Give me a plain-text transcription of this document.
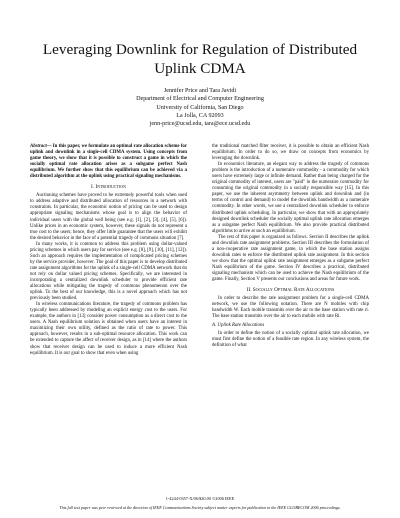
Leveraging Downlink for Regulation of Distributed Uplink CDMA
Jennifer Price and Tara Javidi
Department of Electrical and Computer Engineering
University of California, San Diego
La Jolla, CA 92093
jenn-price@ucsd.edu, tara@ece.ucsd.edu

Abstract— In this paper, we formulate an optimal rate allocation scheme for uplink and downlink in a single-cell CDMA system. Using concepts from game theory, we show that it is possible to construct a game in which the socially optimal rate allocation arises as a subgame perfect Nash equilibrium. We further show that this equilibrium can be achieved via a distributed algorithm at the uplink using practical signaling mechanisms.

I. Introduction

Auctioning schemes have proved to be extremely powerful tools when used to address adaptive and distributed allocation of resources in a network with constraints. In particular, the economic notion of pricing can be used to design appropriate signaling mechanisms whose goal is to align the behavior of individual users with the global well being (see e.g. [1], [2], [3], [4], [5], [6]). Unlike prices in an economic system, however, these signals do not represent a true cost to the users; hence, they offer little guarantee that the users will exhibit the desired behavior in the face of a potential tragedy of commons situation [7].

In many works, it is common to address this problem using dollar-valued pricing schemes in which users pay for service (see e.g. [8], [9], [10], [11], [12]). Such an approach requires the implementation of complicated pricing schemes by the service provider, however. The goal of this paper is to develop distributed rate assignment algorithms for the uplink of a single-cell CDMA network that do not rely on dollar valued pricing schemes. Specifically, we are interested in incorporating a centralized downlink scheduler to provide efficient rate allocations while mitigating the tragedy of commons phenomenon over the uplink. To the best of our knowledge, this is a novel approach which has not previously been studied.

In wireless communications literature, the tragedy of commons problem has typically been addressed by modeling an explicit energy cost to the users. For example, the authors in [13] consider power consumption as a direct cost to the users. A Nash equilibrium solution is obtained when users have an interest in maximizing their own utility, defined as the ratio of rate to power. This approach, however, results in a sub-optimal resource allocation. This work can be extended to capture the affect of receiver design, as in [14] where the authors show that receiver design can be used to induce a more efficient Nash equilibrium. It is our goal to show that even when using

the traditional matched filter receiver, it is possible to obtain an efficient Nash equilibrium. In order to do so, we draw on concepts from economics by leveraging the downlink.

In economics literature, an elegant way to address the tragedy of commons problem is the introduction of a numeraire commodity - a commodity for which users have extremely large or infinite demand. Rather than being charged for the original commodity of interest, users are "paid" in the numeraire commodity for consuming the original commodity in a socially responsible way [15]. In this paper, we use the inherent asymmetry between uplink and downlink and (in terms of control and demand) to model the downlink bandwidth as a numeraire commodity. In other words, we use a centralized downlink scheduler to enforce distributed uplink scheduling. In particular, we show that with an appropriately designed downlink scheduler the socially optimal uplink rate allocation emerges as a subgame perfect Nash equilibrium. We also provide practical distributed algorithms to arrive at such an equilibrium.

The rest of this paper is organized as follows. Section II describes the uplink and downlink rate assignment problems. Section III describes the formulation of a non-cooperative rate assignment game, in which the base station assigns downlink rates to enforce the distributed uplink rate assignment. In this section we show that the optimal uplink rate assignment emerges as a subgame perfect Nash equilibrium of the game. Section IV describes a practical, distributed signaling mechanism which can be used to achieve the Nash equilibrium of the game. Finally, Section V presents our conclusions and areas for future work.

II. Socially Optimal Rate Allocations

In order to describe the rate assignment problem for a single-cell CDMA network, we use the following notation. There are N mobiles with chip bandwidth W. Each mobile transmits over the air to the base station with rate ri. The base station transmits over the air to each mobile with rate Ri.

A. Uplink Rate Allocations

In order to define the notion of a socially optimal uplink rate allocation, we must first define the notion of a feasible rate region. In any wireless system, the definition of what

1-4244-0357-X/06/$20.00 ©2006 IEEE
This full text paper was peer reviewed at the direction of IEEE Communications Society subject matter experts for publication in the IEEE GLOBECOM 2006 proceedings.
